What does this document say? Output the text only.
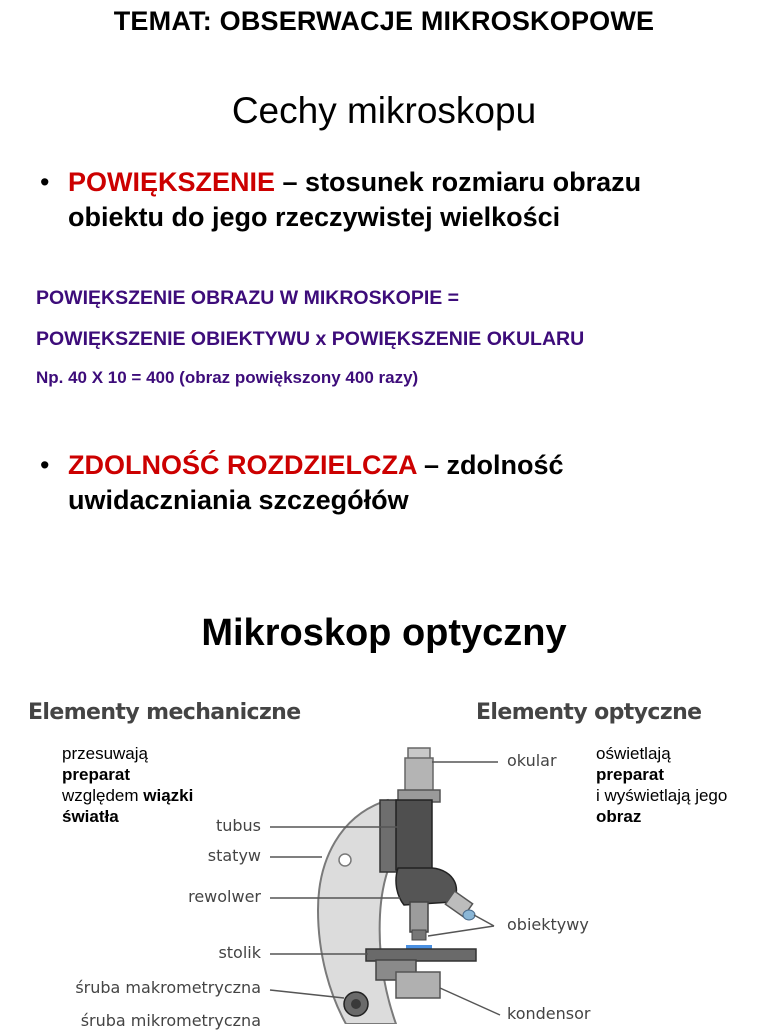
TEMAT: OBSERWACJE MIKROSKOPOWE
Cechy mikroskopu
• POWIĘKSZENIE – stosunek rozmiaru obrazu
obiektu do jego rzeczywistej wielkości
POWIĘKSZENIE OBRAZU W MIKROSKOPIE =
POWIĘKSZENIE OBIEKTYWU x POWIĘKSZENIE OKULARU
Np. 40 X 10 = 400 (obraz powiększony 400 razy)
• ZDOLNOŚĆ ROZDZIELCZA – zdolność
uwidaczniania szczegółów
Mikroskop optyczny
Elementy mechaniczne	Elementy optyczne
przesuwają
preparat
względem wiązki
światła
oświetlają
preparat
i wyświetlają jego
obraz
tubus
statyw
rewolwer
stolik
śruba makrometryczna
śruba mikrometryczna
okular
obiektywy
kondensor
